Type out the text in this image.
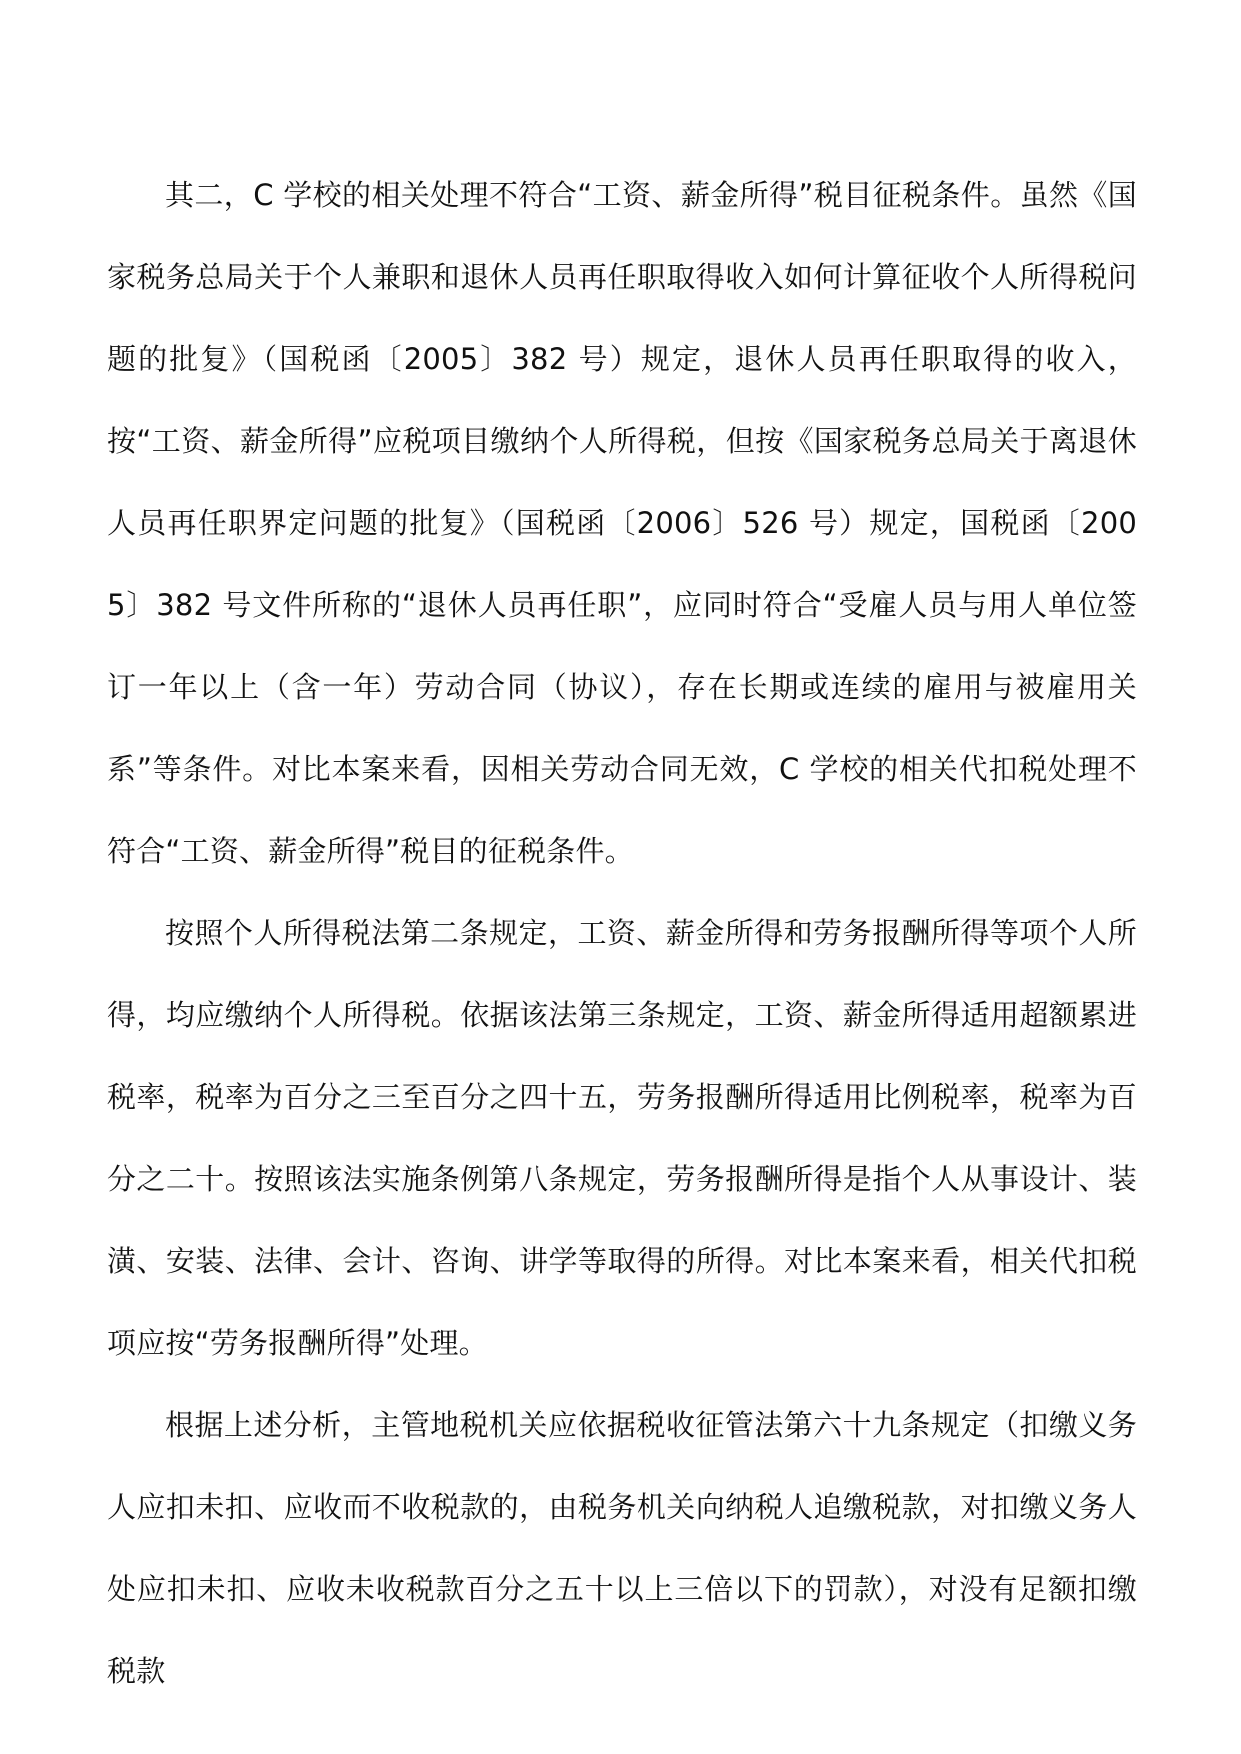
其二，C 学校的相关处理不符合“工资、薪金所得”税目征税条件。虽然《国家税务总局关于个人兼职和退休人员再任职取得收入如何计算征收个人所得税问题的批复》（国税函〔2005〕382 号）规定，退休人员再任职取得的收入，按“工资、薪金所得”应税项目缴纳个人所得税，但按《国家税务总局关于离退休人员再任职界定问题的批复》（国税函〔2006〕526 号）规定，国税函〔2005〕382 号文件所称的“退休人员再任职”，应同时符合“受雇人员与用人单位签订一年以上（含一年）劳动合同（协议），存在长期或连续的雇用与被雇用关系”等条件。对比本案来看，因相关劳动合同无效，C 学校的相关代扣税处理不符合“工资、薪金所得”税目的征税条件。

按照个人所得税法第二条规定，工资、薪金所得和劳务报酬所得等项个人所得，均应缴纳个人所得税。依据该法第三条规定，工资、薪金所得适用超额累进税率，税率为百分之三至百分之四十五，劳务报酬所得适用比例税率，税率为百分之二十。按照该法实施条例第八条规定，劳务报酬所得是指个人从事设计、装潢、安装、法律、会计、咨询、讲学等取得的所得。对比本案来看，相关代扣税项应按“劳务报酬所得”处理。

根据上述分析，主管地税机关应依据税收征管法第六十九条规定（扣缴义务人应扣未扣、应收而不收税款的，由税务机关向纳税人追缴税款，对扣缴义务人处应扣未扣、应收未收税款百分之五十以上三倍以下的罚款），对没有足额扣缴税款
